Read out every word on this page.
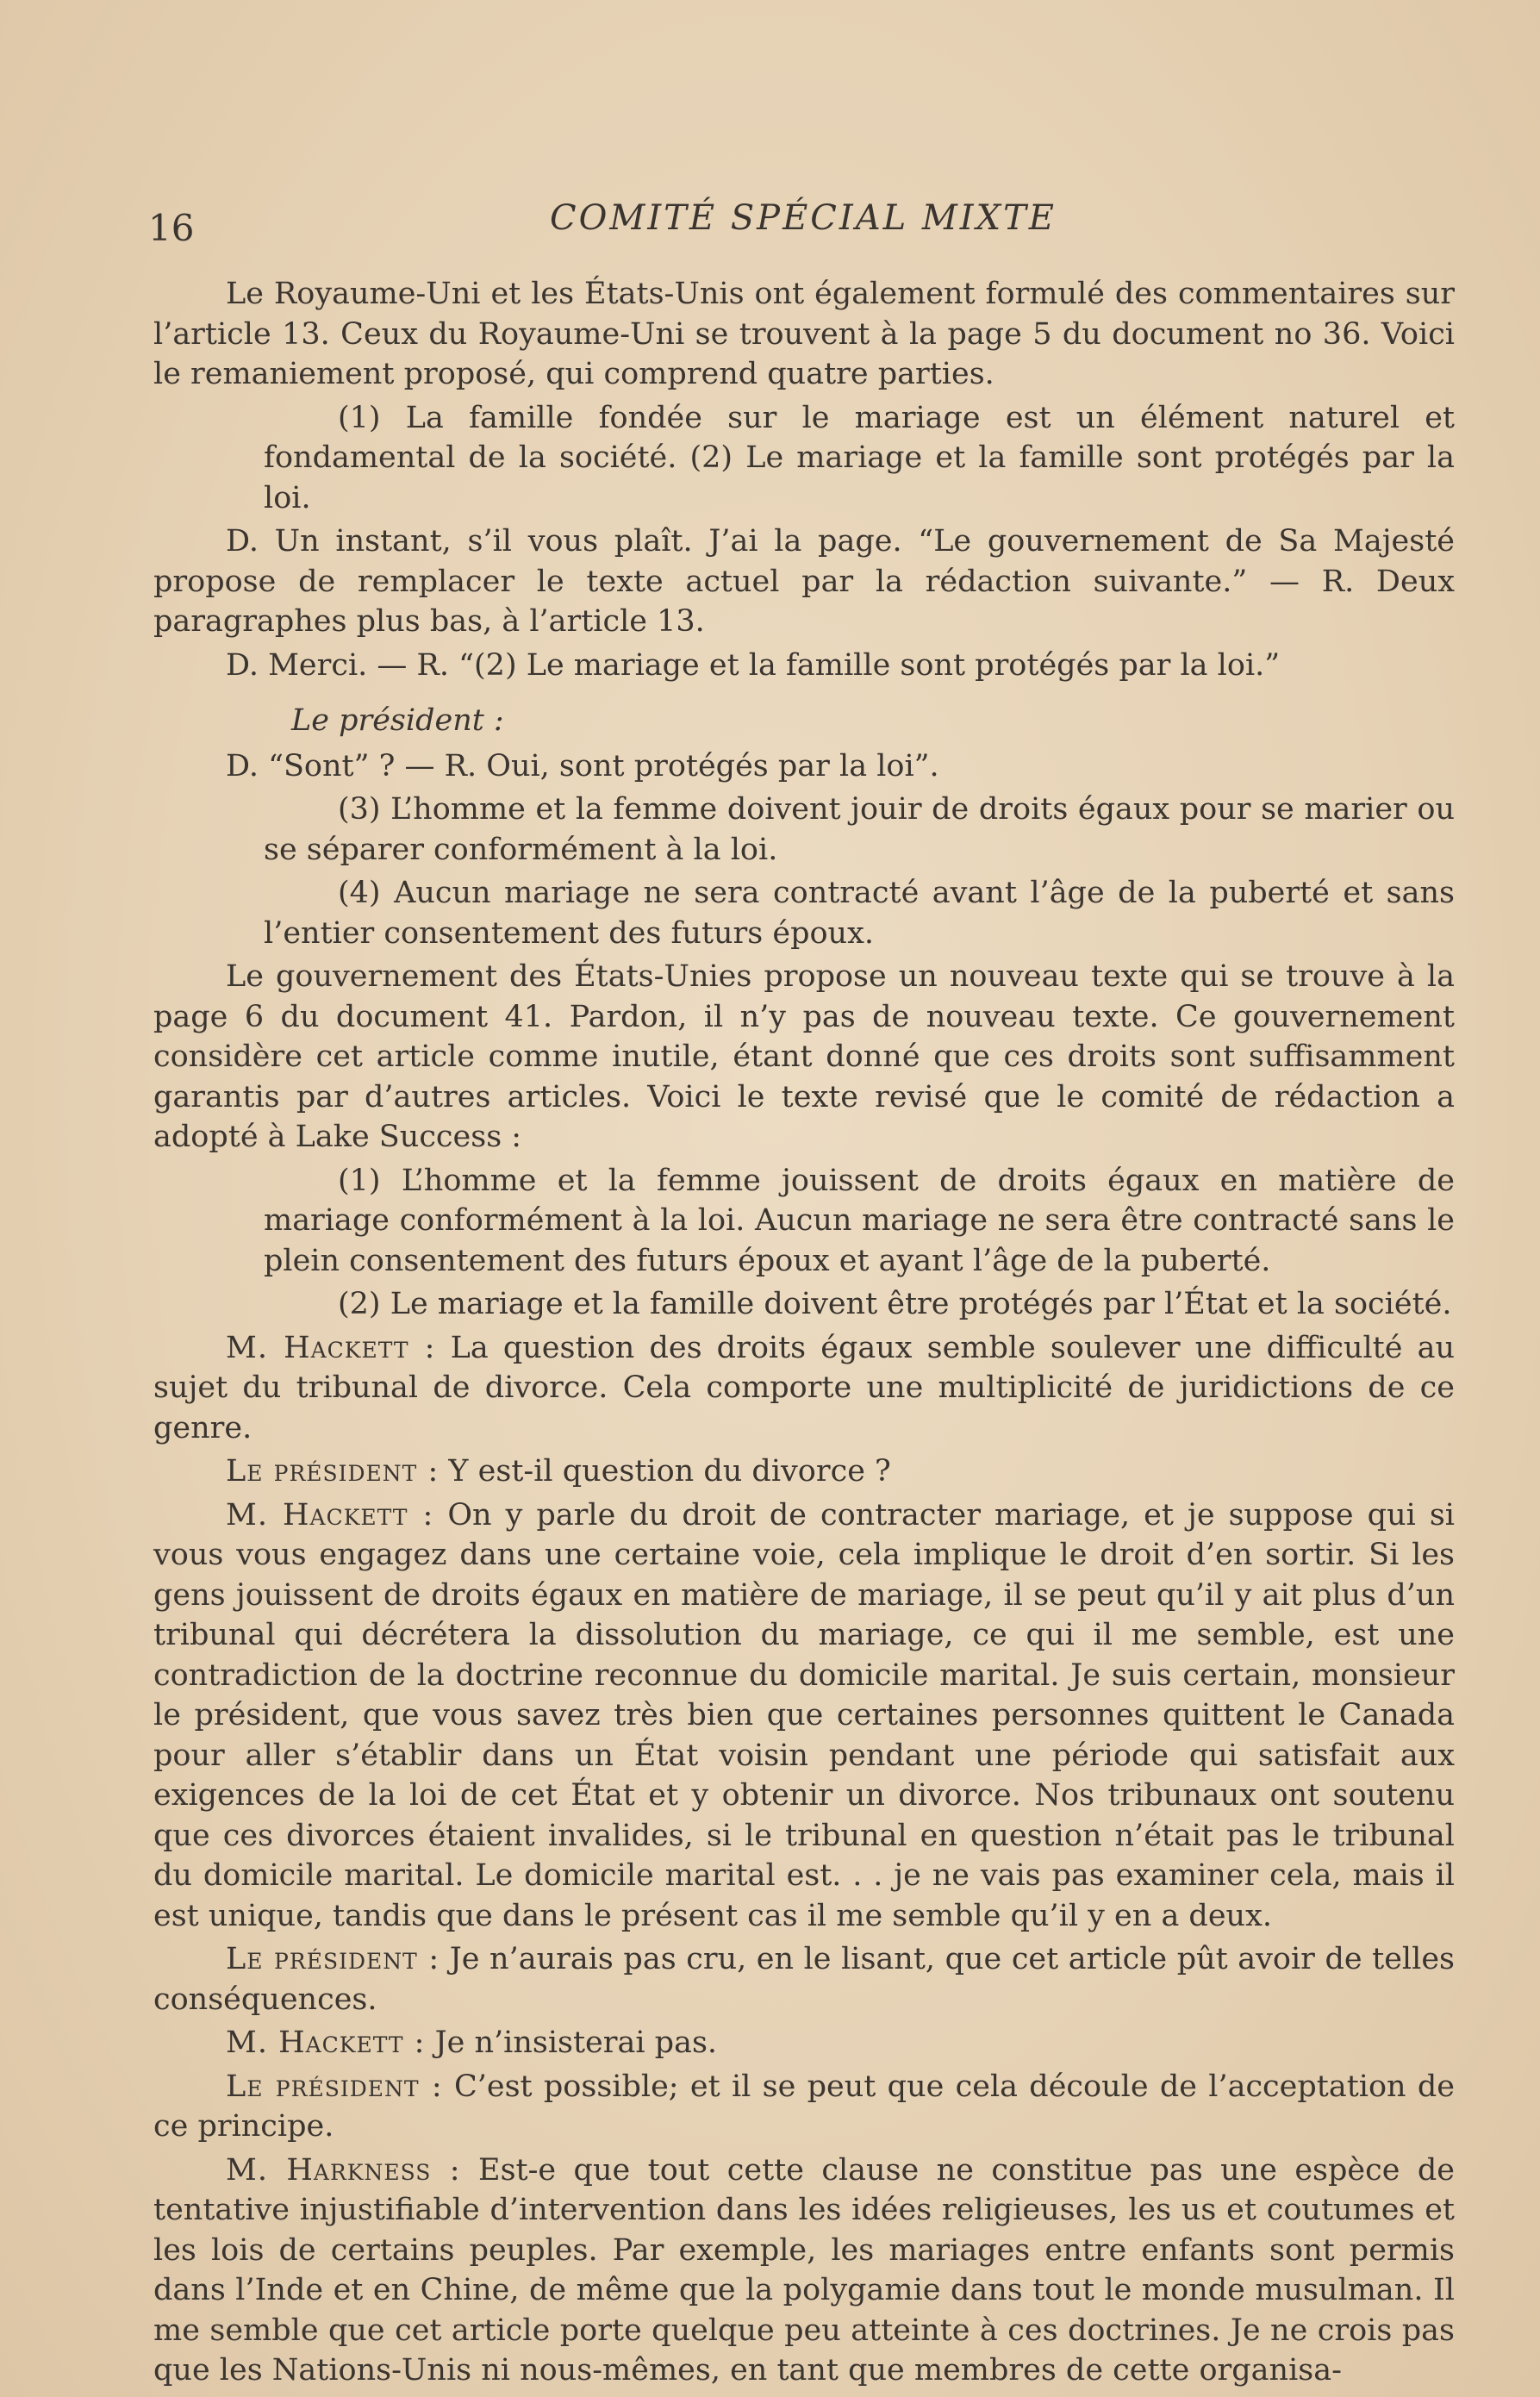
16	COMITÉ SPÉCIAL MIXTE

Le Royaume-Uni et les États-Unis ont également formulé des commentaires sur l’article 13. Ceux du Royaume-Uni se trouvent à la page 5 du document no 36. Voici le remaniement proposé, qui comprend quatre parties.

(1) La famille fondée sur le mariage est un élément naturel et fondamental de la société. (2) Le mariage et la famille sont protégés par la loi.

D. Un instant, s’il vous plaît. J’ai la page. “Le gouvernement de Sa Majesté propose de remplacer le texte actuel par la rédaction suivante.” — R. Deux paragraphes plus bas, à l’article 13.

D. Merci. — R. “(2) Le mariage et la famille sont protégés par la loi.”

Le président :

D. “Sont” ? — R. Oui, sont protégés par la loi”.

(3) L’homme et la femme doivent jouir de droits égaux pour se marier ou se séparer conformément à la loi.

(4) Aucun mariage ne sera contracté avant l’âge de la puberté et sans l’entier consentement des futurs époux.

Le gouvernement des États-Unies propose un nouveau texte qui se trouve à la page 6 du document 41. Pardon, il n’y pas de nouveau texte. Ce gouvernement considère cet article comme inutile, étant donné que ces droits sont suffisamment garantis par d’autres articles. Voici le texte revisé que le comité de rédaction a adopté à Lake Success :

(1) L’homme et la femme jouissent de droits égaux en matière de mariage conformément à la loi. Aucun mariage ne sera être contracté sans le plein consentement des futurs époux et ayant l’âge de la puberté.

(2) Le mariage et la famille doivent être protégés par l’État et la société.

M. Hackett : La question des droits égaux semble soulever une difficulté au sujet du tribunal de divorce. Cela comporte une multiplicité de juridictions de ce genre.

Le président : Y est-il question du divorce ?

M. Hackett : On y parle du droit de contracter mariage, et je suppose qui si vous vous engagez dans une certaine voie, cela implique le droit d’en sortir. Si les gens jouissent de droits égaux en matière de mariage, il se peut qu’il y ait plus d’un tribunal qui décrétera la dissolution du mariage, ce qui il me semble, est une contradiction de la doctrine reconnue du domicile marital. Je suis certain, monsieur le président, que vous savez très bien que certaines personnes quittent le Canada pour aller s’établir dans un État voisin pendant une période qui satisfait aux exigences de la loi de cet État et y obtenir un divorce. Nos tribunaux ont soutenu que ces divorces étaient invalides, si le tribunal en question n’était pas le tribunal du domicile marital. Le domicile marital est. . . je ne vais pas examiner cela, mais il est unique, tandis que dans le présent cas il me semble qu’il y en a deux.

Le président : Je n’aurais pas cru, en le lisant, que cet article pût avoir de telles conséquences.

M. Hackett : Je n’insisterai pas.

Le président : C’est possible; et il se peut que cela découle de l’acceptation de ce principe.

M. Harkness : Est-e que tout cette clause ne constitue pas une espèce de tentative injustifiable d’intervention dans les idées religieuses, les us et coutumes et les lois de certains peuples. Par exemple, les mariages entre enfants sont permis dans l’Inde et en Chine, de même que la polygamie dans tout le monde musulman. Il me semble que cet article porte quelque peu atteinte à ces doctrines. Je ne crois pas que les Nations-Unis ni nous-mêmes, en tant que membres de cette organisa-
